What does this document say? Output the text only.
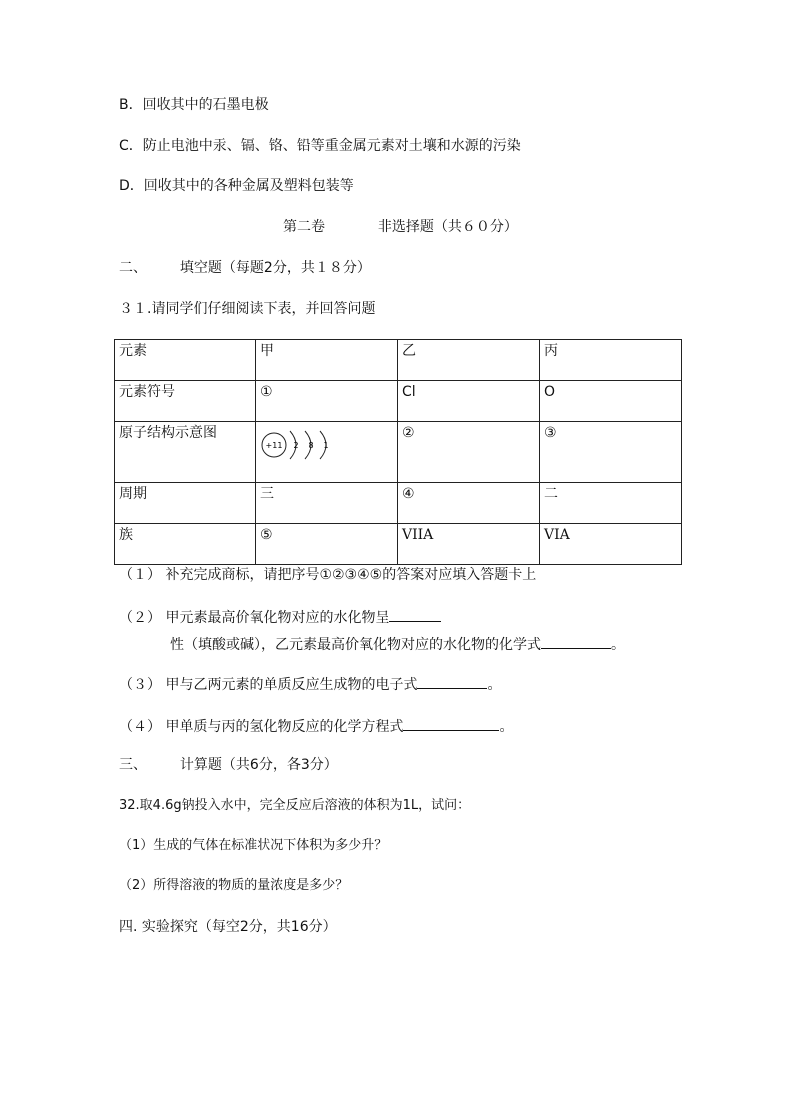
B．回收其中的石墨电极
C．防止电池中汞、镉、铬、铅等重金属元素对土壤和水源的污染
D．回收其中的各种金属及塑料包装等
第二卷	非选择题（共６０分）
二、 填空题（每题2分，共１８分）
３１.请同学们仔细阅读下表，并回答问题
元素	甲	乙	丙
元素符号	①	Cl	O
原子结构示意图	+11 2 8 1	②	③
周期	三	④	二
族	⑤	VIIA	VIA
（１） 补充完成商标，请把序号①②③④⑤的答案对应填入答题卡上
（２） 甲元素最高价氧化物对应的水化物呈
性（填酸或碱），乙元素最高价氧化物对应的水化物的化学式	。
（３） 甲与乙两元素的单质反应生成物的电子式	。
（４） 甲单质与丙的氢化物反应的化学方程式	。
三、 计算题（共6分，各3分）
32.取4.6g钠投入水中，完全反应后溶液的体积为1L，试问：
（1）生成的气体在标准状况下体积为多少升？
（2）所得溶液的物质的量浓度是多少？
四. 实验探究（每空2分，共16分）
